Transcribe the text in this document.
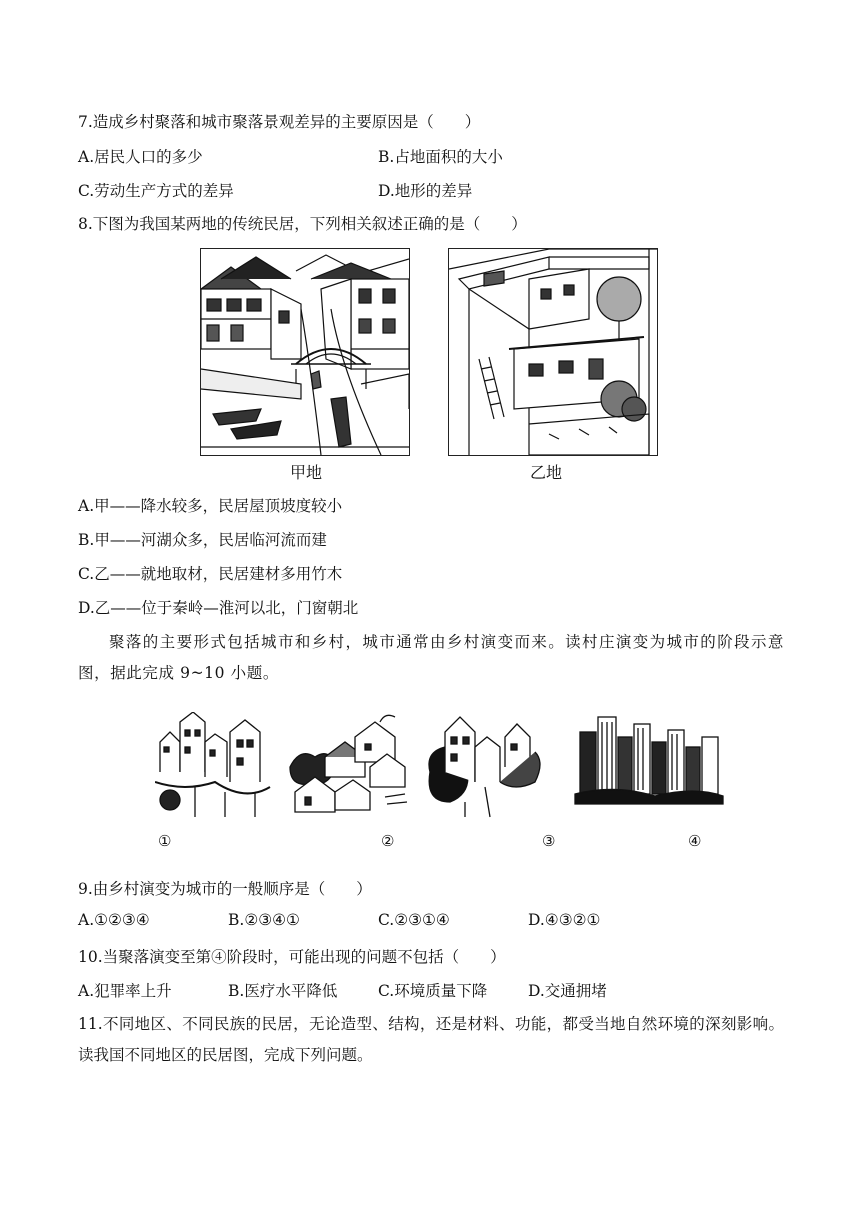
7.造成乡村聚落和城市聚落景观差异的主要原因是（　　）
A.居民人口的多少	B.占地面积的大小
C.劳动生产方式的差异	D.地形的差异
8.下图为我国某两地的传统民居，下列相关叙述正确的是（　　）
甲地	乙地
A.甲——降水较多，民居屋顶坡度较小
B.甲——河湖众多，民居临河流而建
C.乙——就地取材，民居建材多用竹木
D.乙——位于秦岭—淮河以北，门窗朝北
聚落的主要形式包括城市和乡村，城市通常由乡村演变而来。读村庄演变为城市的阶段示意图，据此完成 9~10 小题。
①	②	③	④
9.由乡村演变为城市的一般顺序是（　　）
A.①②③④	B.②③④①	C.②③①④	D.④③②①
10.当聚落演变至第④阶段时，可能出现的问题不包括（　　）
A.犯罪率上升	B.医疗水平降低	C.环境质量下降	D.交通拥堵
11.不同地区、不同民族的民居，无论造型、结构，还是材料、功能，都受当地自然环境的深刻影响。读我国不同地区的民居图，完成下列问题。
